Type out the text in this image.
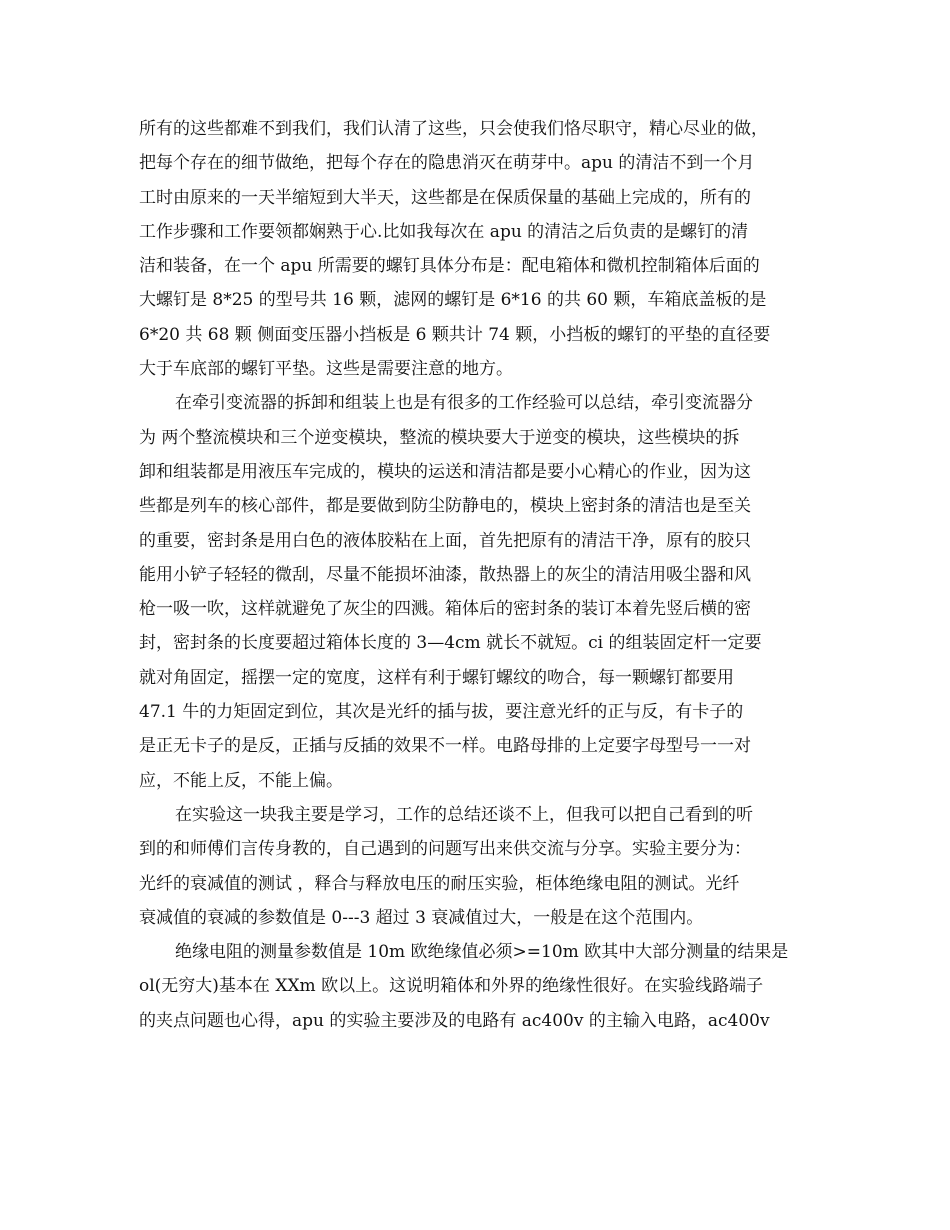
所有的这些都难不到我们，我们认清了这些，只会使我们恪尽职守，精心尽业的做，
把每个存在的细节做绝，把每个存在的隐患消灭在萌芽中。apu 的清洁不到一个月
工时由原来的一天半缩短到大半天，这些都是在保质保量的基础上完成的，所有的
工作步骤和工作要领都娴熟于心.比如我每次在 apu 的清洁之后负责的是螺钉的清
洁和装备，在一个 apu 所需要的螺钉具体分布是：配电箱体和微机控制箱体后面的
大螺钉是 8*25 的型号共 16 颗，滤网的螺钉是 6*16 的共 60 颗，车箱底盖板的是
6*20 共 68 颗 侧面变压器小挡板是 6 颗共计 74 颗，小挡板的螺钉的平垫的直径要
大于车底部的螺钉平垫。这些是需要注意的地方。
在牵引变流器的拆卸和组装上也是有很多的工作经验可以总结，牵引变流器分
为 两个整流模块和三个逆变模块，整流的模块要大于逆变的模块，这些模块的拆
卸和组装都是用液压车完成的，模块的运送和清洁都是要小心精心的作业，因为这
些都是列车的核心部件，都是要做到防尘防静电的，模块上密封条的清洁也是至关
的重要，密封条是用白色的液体胶粘在上面，首先把原有的清洁干净，原有的胶只
能用小铲子轻轻的微刮，尽量不能损坏油漆，散热器上的灰尘的清洁用吸尘器和风
枪一吸一吹，这样就避免了灰尘的四溅。箱体后的密封条的装订本着先竖后横的密
封，密封条的长度要超过箱体长度的 3—4cm 就长不就短。ci 的组装固定杆一定要
就对角固定，摇摆一定的宽度，这样有利于螺钉螺纹的吻合，每一颗螺钉都要用
47.1 牛的力矩固定到位，其次是光纤的插与拔，要注意光纤的正与反，有卡子的
是正无卡子的是反，正插与反插的效果不一样。电路母排的上定要字母型号一一对
应，不能上反，不能上偏。
在实验这一块我主要是学习，工作的总结还谈不上，但我可以把自己看到的听
到的和师傅们言传身教的，自己遇到的问题写出来供交流与分享。实验主要分为：
光纤的衰减值的测试 ，释合与释放电压的耐压实验，柜体绝缘电阻的测试。光纤
衰减值的衰减的参数值是 0---3 超过 3 衰减值过大，一般是在这个范围内。
绝缘电阻的测量参数值是 10m 欧绝缘值必须>=10m 欧其中大部分测量的结果是
ol(无穷大)基本在 XXm 欧以上。这说明箱体和外界的绝缘性很好。在实验线路端子
的夹点问题也心得，apu 的实验主要涉及的电路有 ac400v 的主输入电路，ac400v
